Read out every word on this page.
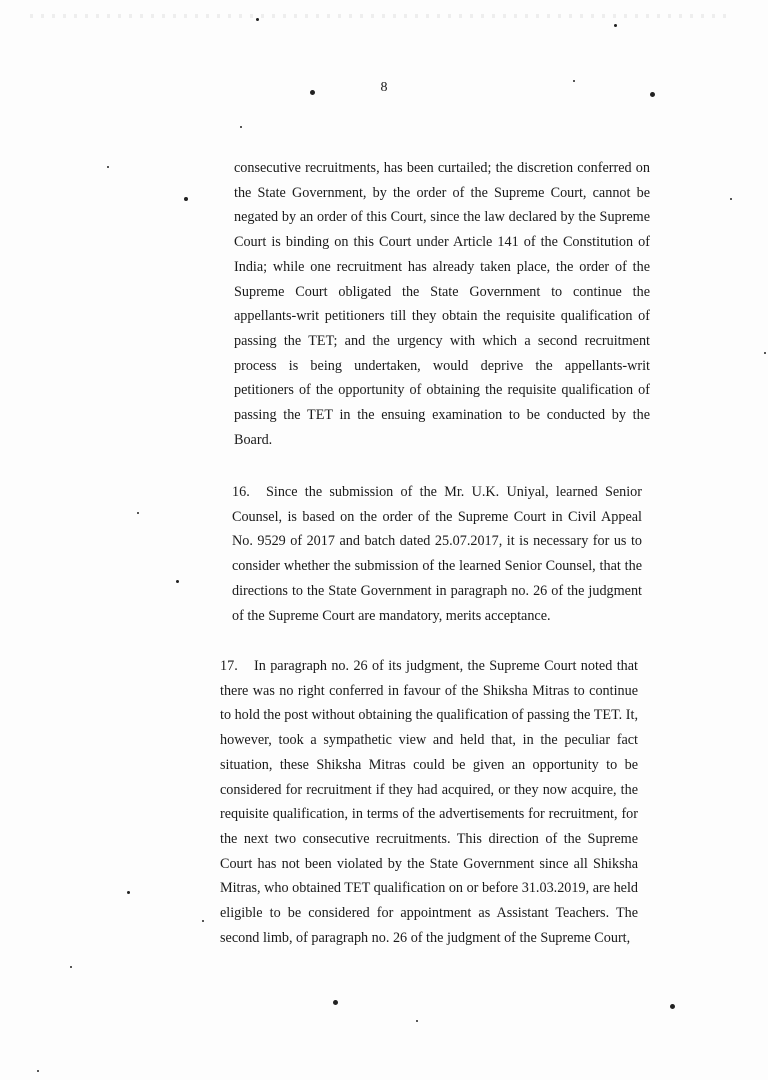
8

consecutive recruitments, has been curtailed; the discretion conferred on the State Government, by the order of the Supreme Court, cannot be negated by an order of this Court, since the law declared by the Supreme Court is binding on this Court under Article 141 of the Constitution of India; while one recruitment has already taken place, the order of the Supreme Court obligated the State Government to continue the appellants-writ petitioners till they obtain the requisite qualification of passing the TET; and the urgency with which a second recruitment process is being undertaken, would deprive the appellants-writ petitioners of the opportunity of obtaining the requisite qualification of passing the TET in the ensuing examination to be conducted by the Board.

16. Since the submission of the Mr. U.K. Uniyal, learned Senior Counsel, is based on the order of the Supreme Court in Civil Appeal No. 9529 of 2017 and batch dated 25.07.2017, it is necessary for us to consider whether the submission of the learned Senior Counsel, that the directions to the State Government in paragraph no. 26 of the judgment of the Supreme Court are mandatory, merits acceptance.

17. In paragraph no. 26 of its judgment, the Supreme Court noted that there was no right conferred in favour of the Shiksha Mitras to continue to hold the post without obtaining the qualification of passing the TET. It, however, took a sympathetic view and held that, in the peculiar fact situation, these Shiksha Mitras could be given an opportunity to be considered for recruitment if they had acquired, or they now acquire, the requisite qualification, in terms of the advertisements for recruitment, for the next two consecutive recruitments. This direction of the Supreme Court has not been violated by the State Government since all Shiksha Mitras, who obtained TET qualification on or before 31.03.2019, are held eligible to be considered for appointment as Assistant Teachers. The second limb, of paragraph no. 26 of the judgment of the Supreme Court,
